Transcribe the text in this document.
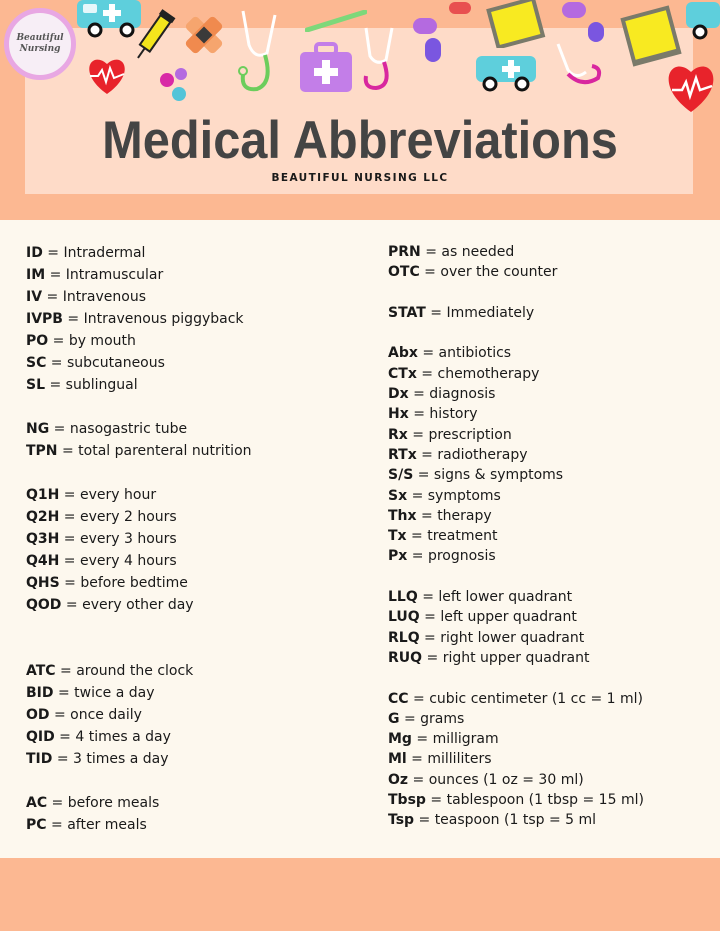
Beautiful
Nursing
Medical Abbreviations
BEAUTIFUL NURSING LLC
ID = Intradermal
IM = Intramuscular
IV = Intravenous
IVPB = Intravenous piggyback
PO = by mouth
SC = subcutaneous
SL = sublingual
NG = nasogastric tube
TPN = total parenteral nutrition
Q1H = every hour
Q2H = every 2 hours
Q3H = every 3 hours
Q4H = every 4 hours
QHS = before bedtime
QOD = every other day
ATC = around the clock
BID = twice a day
OD = once daily
QID = 4 times a day
TID = 3 times a day
AC = before meals
PC = after meals
PRN = as needed
OTC = over the counter
STAT = Immediately
Abx = antibiotics
CTx = chemotherapy
Dx = diagnosis
Hx = history
Rx = prescription
RTx = radiotherapy
S/S = signs & symptoms
Sx = symptoms
Thx = therapy
Tx = treatment
Px = prognosis
LLQ = left lower quadrant
LUQ = left upper quadrant
RLQ = right lower quadrant
RUQ = right upper quadrant
CC = cubic centimeter (1 cc = 1 ml)
G = grams
Mg = milligram
Ml = milliliters
Oz = ounces (1 oz = 30 ml)
Tbsp = tablespoon (1 tbsp = 15 ml)
Tsp = teaspoon (1 tsp = 5 ml
